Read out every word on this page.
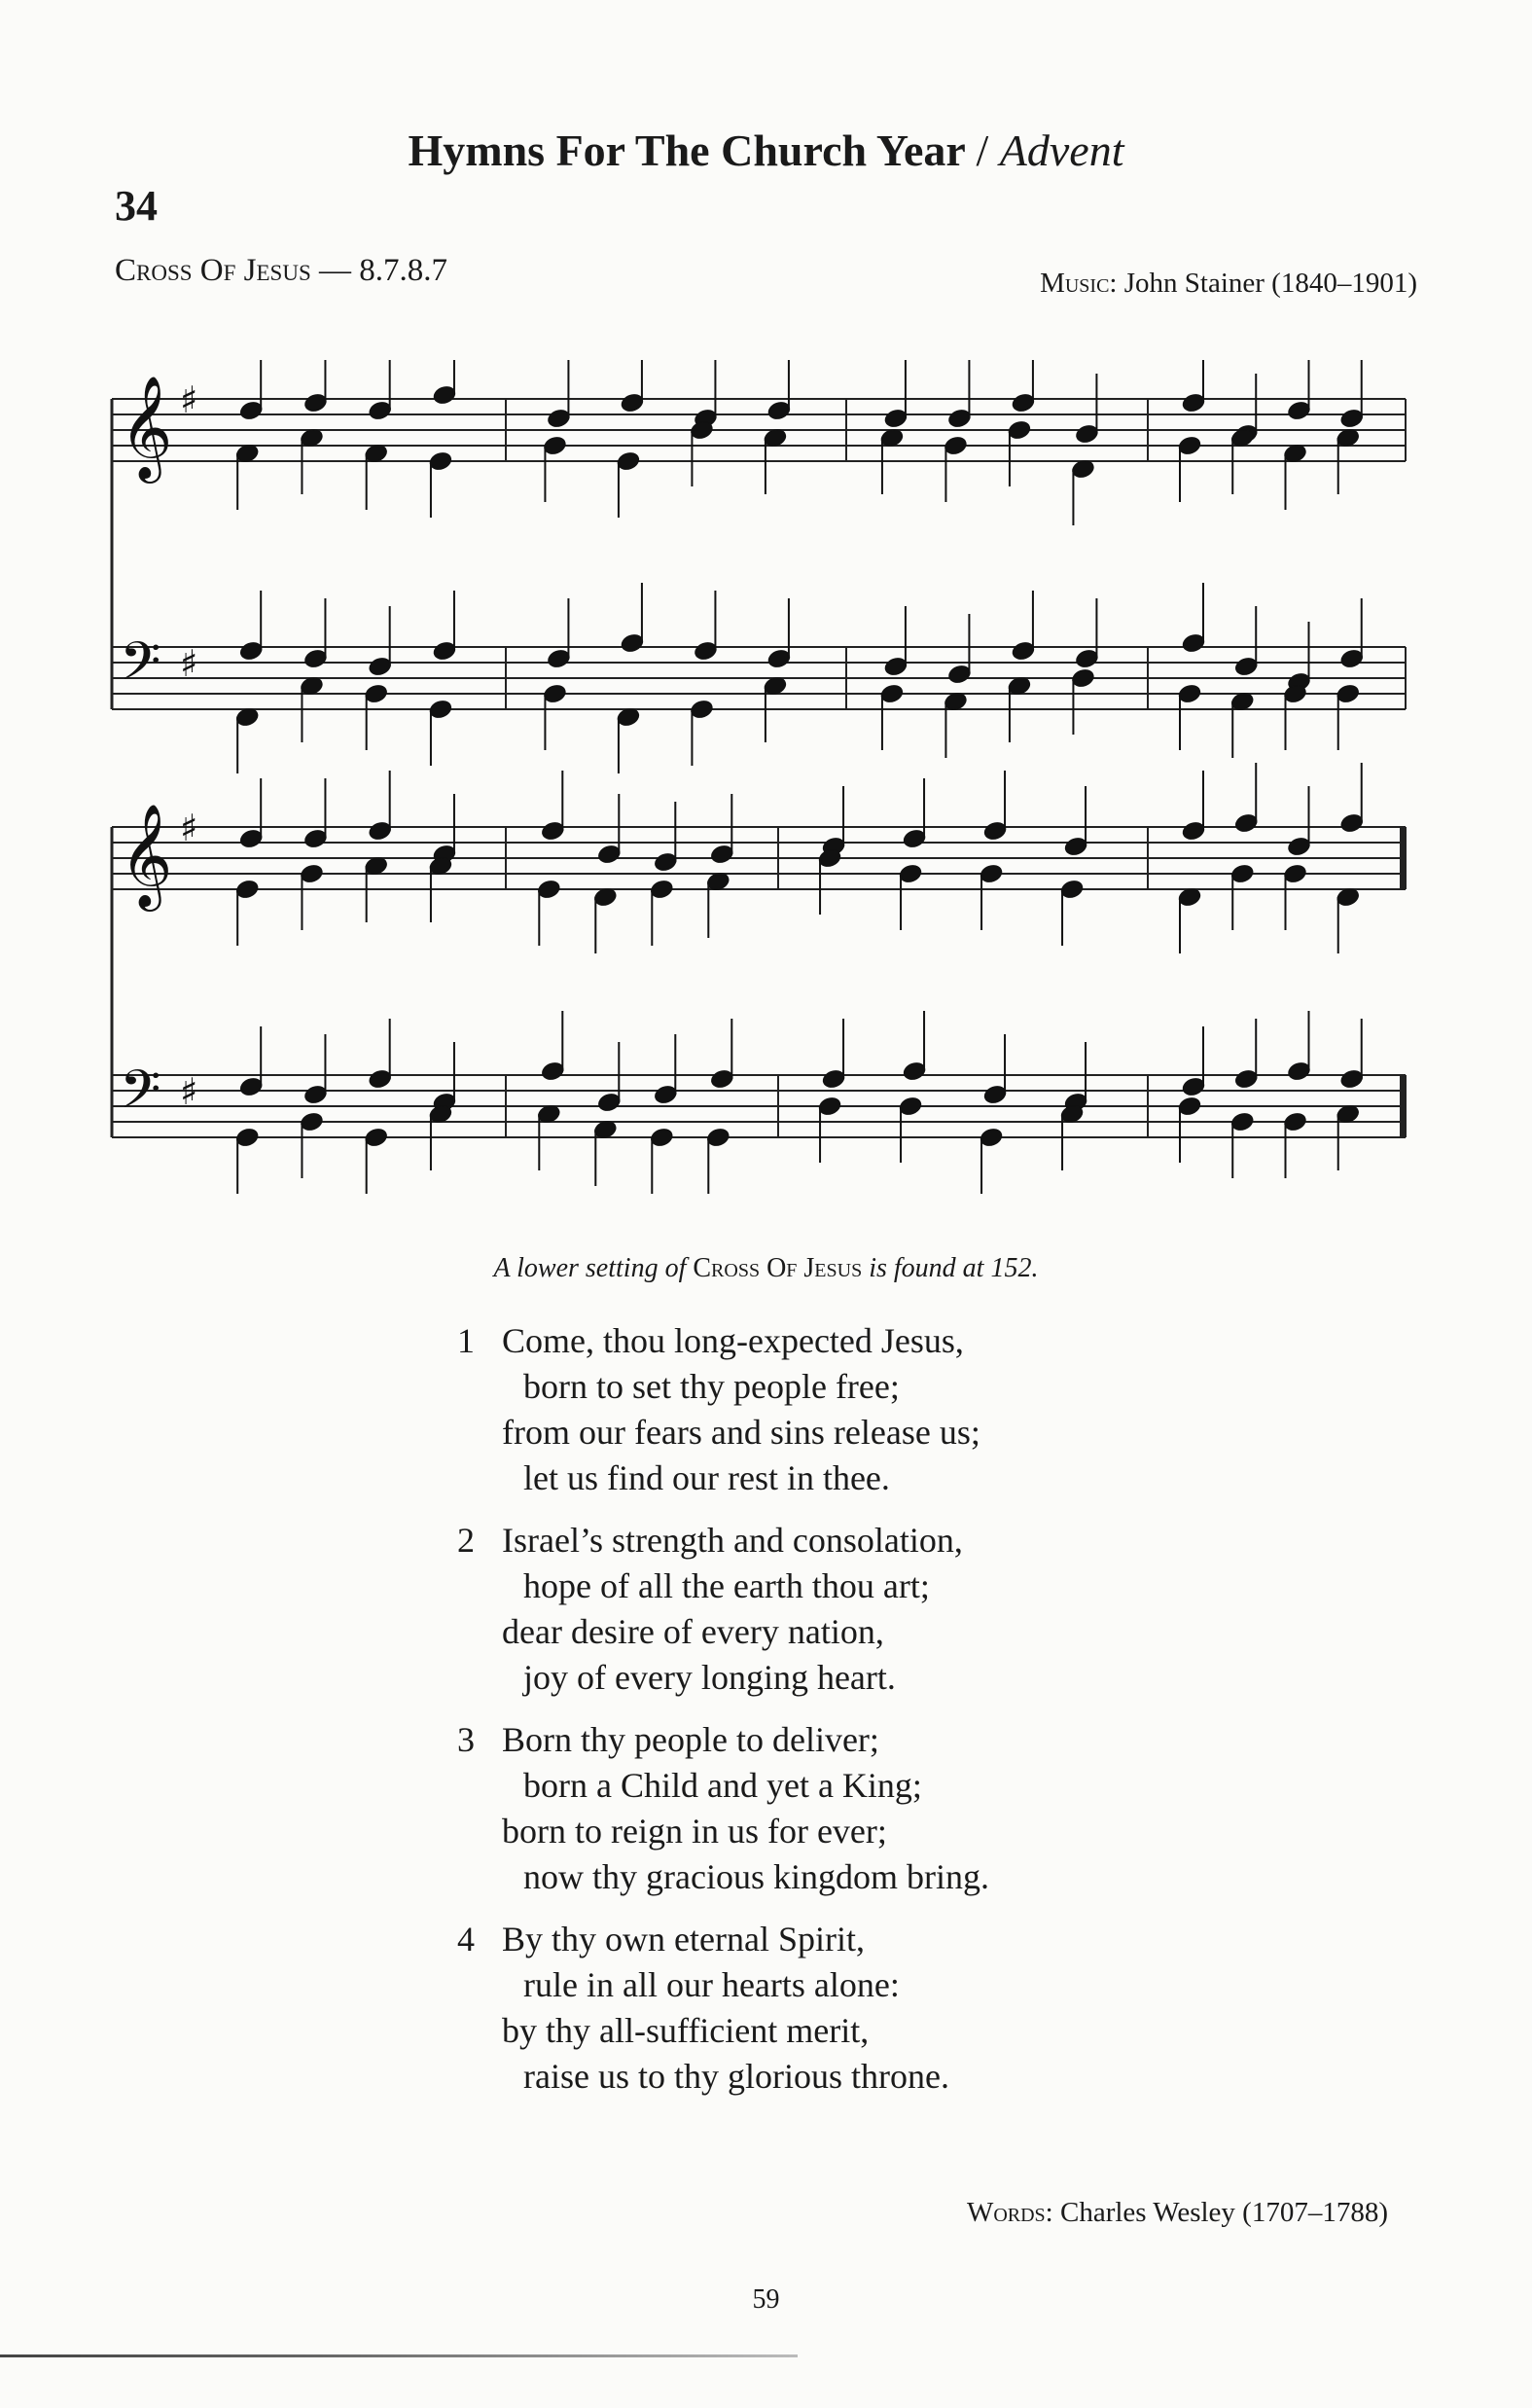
Hymns For The Church Year / Advent
34
Cross Of Jesus — 8.7.8.7	Music: John Stainer (1840–1901)
𝄞 ♯
𝄢 ♯
𝄞 ♯
𝄢 ♯
A lower setting of Cross Of Jesus is found at 152.
1 Come, thou long-expected Jesus,
born to set thy people free;
from our fears and sins release us;
let us find our rest in thee.
2 Israel’s strength and consolation,
hope of all the earth thou art;
dear desire of every nation,
joy of every longing heart.
3 Born thy people to deliver;
born a Child and yet a King;
born to reign in us for ever;
now thy gracious kingdom bring.
4 By thy own eternal Spirit,
rule in all our hearts alone:
by thy all-sufficient merit,
raise us to thy glorious throne.
Words: Charles Wesley (1707–1788)
59
